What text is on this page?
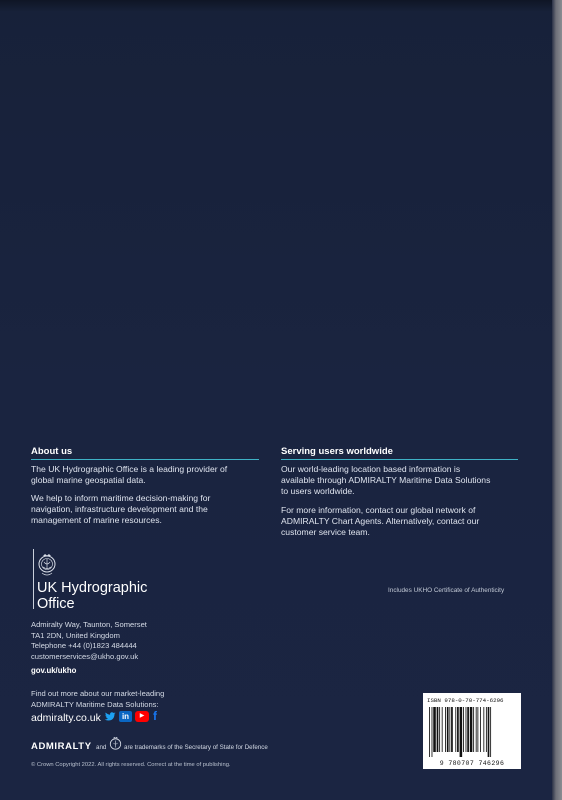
About us
The UK Hydrographic Office is a leading provider of
global marine geospatial data.
We help to inform maritime decision-making for
navigation, infrastructure development and the
management of marine resources.
Serving users worldwide
Our world-leading location based information is
available through ADMIRALTY Maritime Data Solutions
to users worldwide.
For more information, contact our global network of
ADMIRALTY Chart Agents. Alternatively, contact our
customer service team.
Includes UKHO Certificate of Authenticity
UK Hydrographic
Office
Admiralty Way, Taunton, Somerset
TA1 2DN, United Kingdom
Telephone +44 (0)1823 484444
customerservices@ukho.gov.uk
gov.uk/ukho
Find out more about our market-leading
ADMIRALTY Maritime Data Solutions:
admiralty.co.uk	in	▶ f
ADMIRALTY and	are trademarks of the Secretary of State for Defence
© Crown Copyright 2022. All rights reserved. Correct at the time of publishing.
ISBN 978-0-70-774-6296
9 780707 746296
